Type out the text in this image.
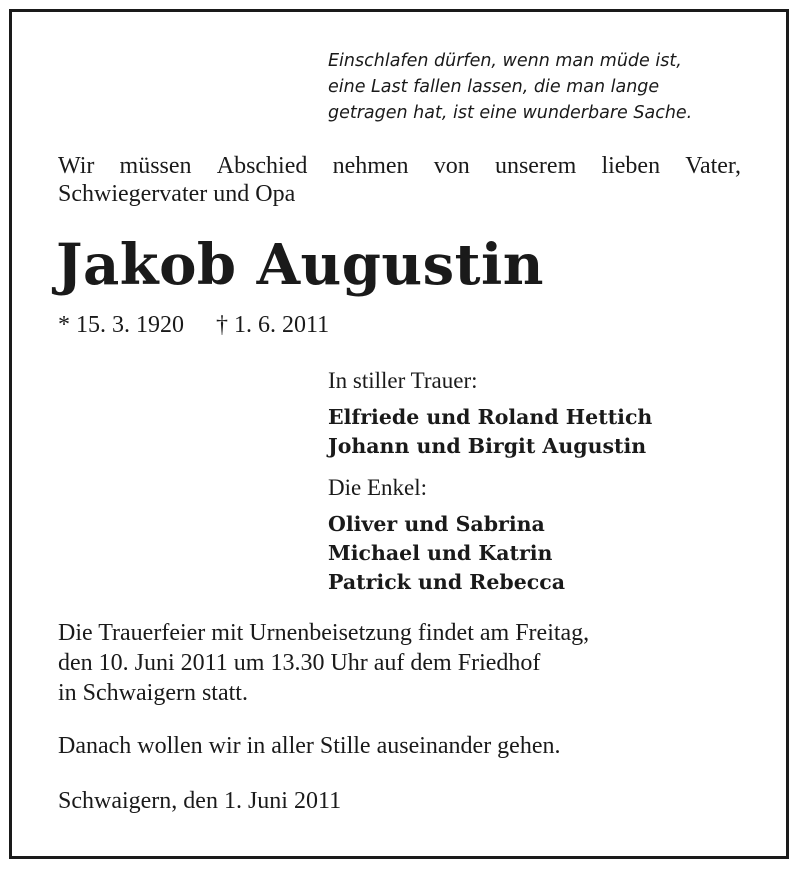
Einschlafen dürfen, wenn man müde ist,
eine Last fallen lassen, die man lange
getragen hat, ist eine wunderbare Sache.
Wir müssen Abschied nehmen von unserem lieben Vater,
Schwiegervater und Opa
Jakob Augustin
* 15. 3. 1920 † 1. 6. 2011
In stiller Trauer:
Elfriede und Roland Hettich
Johann und Birgit Augustin
Die Enkel:
Oliver und Sabrina
Michael und Katrin
Patrick und Rebecca
Die Trauerfeier mit Urnenbeisetzung findet am Freitag,
den 10. Juni 2011 um 13.30 Uhr auf dem Friedhof
in Schwaigern statt.
Danach wollen wir in aller Stille auseinander gehen.
Schwaigern, den 1. Juni 2011
